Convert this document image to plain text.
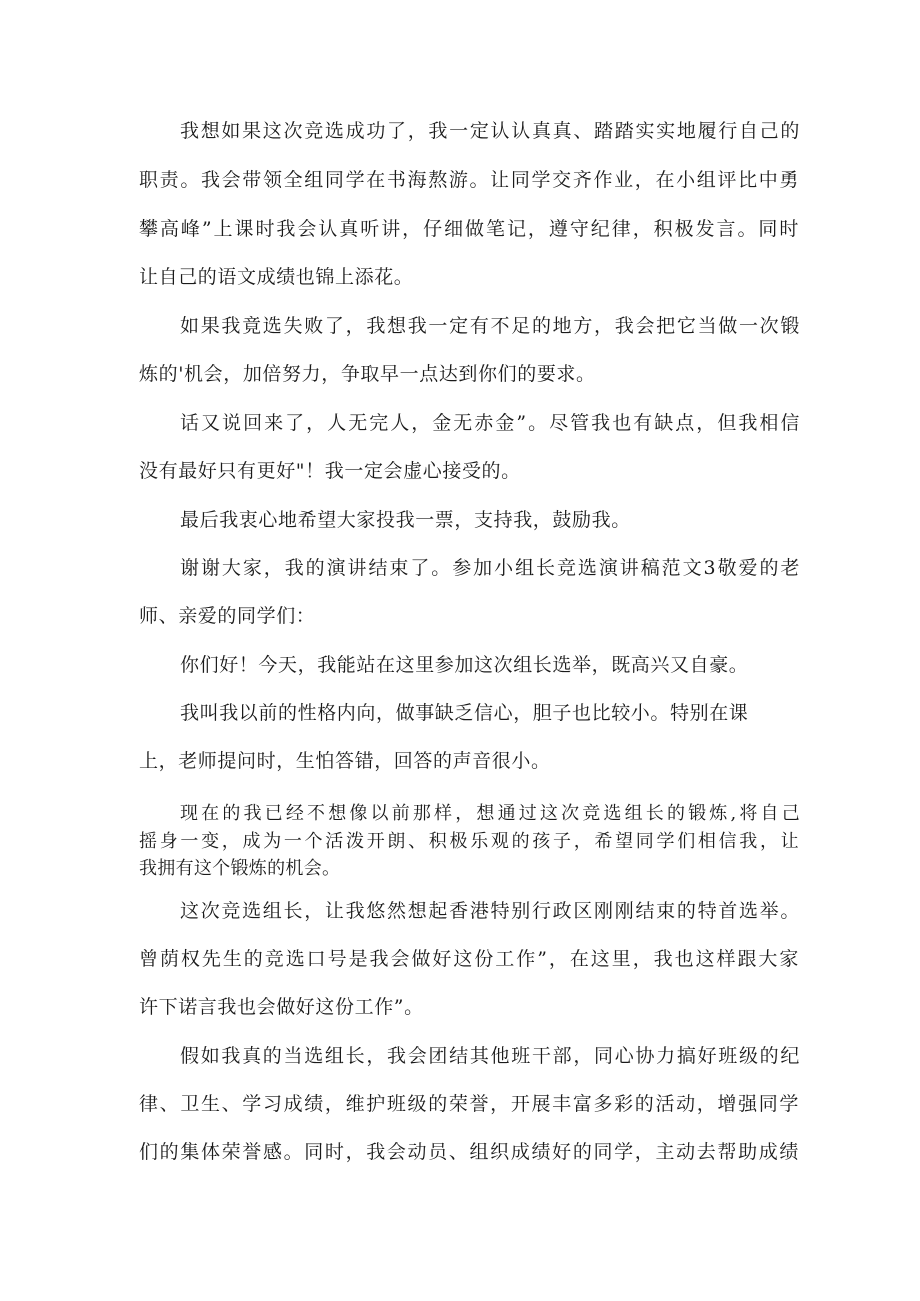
我想如果这次竞选成功了，我一定认认真真、踏踏实实地履行自己的
职责。我会带领全组同学在书海熬游。让同学交齐作业，在小组评比中勇
攀高峰”上课时我会认真听讲，仔细做笔记，遵守纪律，积极发言。同时
让自己的语文成绩也锦上添花。
如果我竟选失败了，我想我一定有不足的地方，我会把它当做一次锻
炼的'机会，加倍努力，争取早一点达到你们的要求。
话又说回来了，人无完人，金无赤金”。尽管我也有缺点，但我相信
没有最好只有更好"！我一定会虚心接受的。
最后我衷心地希望大家投我一票，支持我，鼓励我。
谢谢大家，我的演讲结束了。参加小组长竞选演讲稿范文3敬爱的老
师、亲爱的同学们：
你们好！今天，我能站在这里参加这次组长选举，既高兴又自豪。
我叫我以前的性格内向，做事缺乏信心，胆子也比较小。特别在课
上，老师提问时，生怕答错，回答的声音很小。
现在的我已经不想像以前那样，想通过这次竞选组长的锻炼,将自己
摇身一变，成为一个活泼开朗、积极乐观的孩子，希望同学们相信我，让
我拥有这个锻炼的机会。
这次竞选组长，让我悠然想起香港特别行政区刚刚结束的特首选举。
曾荫权先生的竞选口号是我会做好这份工作”，在这里，我也这样跟大家
许下诺言我也会做好这份工作”。
假如我真的当选组长，我会团结其他班干部，同心协力搞好班级的纪
律、卫生、学习成绩，维护班级的荣誉，开展丰富多彩的活动，增强同学
们的集体荣誉感。同时，我会动员、组织成绩好的同学，主动去帮助成绩
